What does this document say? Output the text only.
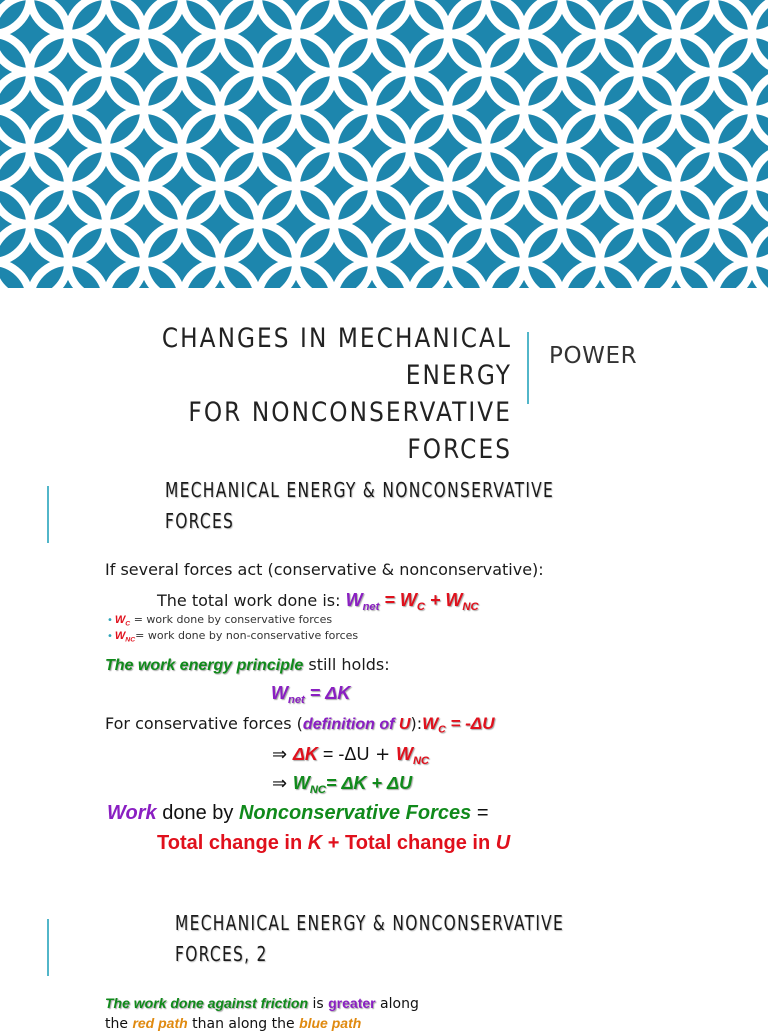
CHANGES IN MECHANICAL ENERGY
FOR NONCONSERVATIVE FORCES
POWER
MECHANICAL ENERGY & NONCONSERVATIVE
FORCES
If several forces act (conservative & nonconservative):
The total work done is: $W_{net} = W_C + W_{NC}$
• $W_C$ = work done by conservative forces
• $W_{NC}=$ work done by non-conservative forces
The work energy principle still holds:
$W_{net} = \Delta K$
For conservative forces (definition of $U):W_C = -\Delta U$
⇒ $\Delta K = -\Delta U + W_{NC}$
⇒ $W_{NC}= \Delta K + \Delta U$
Work done by Nonconservative Forces =
Total change in K + Total change in U
MECHANICAL ENERGY & NONCONSERVATIVE
FORCES, 2
The work done against friction is greater along
the red path than along the blue path
